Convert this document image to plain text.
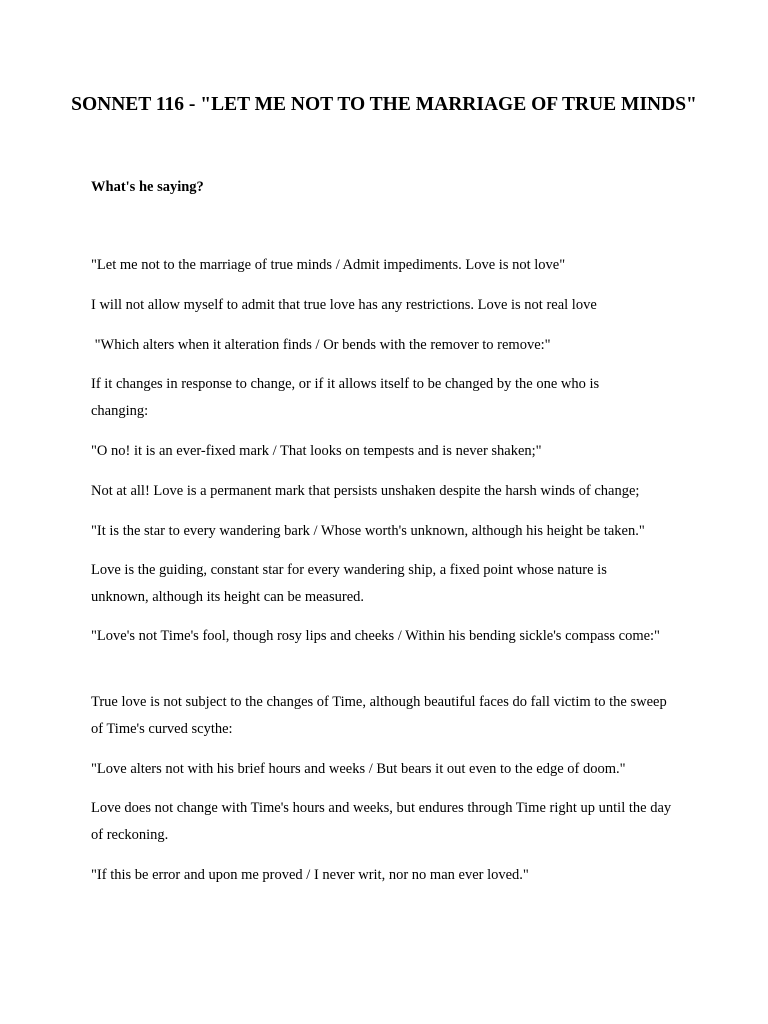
SONNET 116 - "LET ME NOT TO THE MARRIAGE OF TRUE MINDS"

What's he saying?

"Let me not to the marriage of true minds / Admit impediments. Love is not love"

I will not allow myself to admit that true love has any restrictions. Love is not real love

"Which alters when it alteration finds / Or bends with the remover to remove:"

If it changes in response to change, or if it allows itself to be changed by the one who is changing:

"O no! it is an ever-fixed mark / That looks on tempests and is never shaken;"

Not at all! Love is a permanent mark that persists unshaken despite the harsh winds of change;

"It is the star to every wandering bark / Whose worth's unknown, although his height be taken."

Love is the guiding, constant star for every wandering ship, a fixed point whose nature is unknown, although its height can be measured.

"Love's not Time's fool, though rosy lips and cheeks / Within his bending sickle's compass come:"

True love is not subject to the changes of Time, although beautiful faces do fall victim to the sweep of Time's curved scythe:

"Love alters not with his brief hours and weeks / But bears it out even to the edge of doom."

Love does not change with Time's hours and weeks, but endures through Time right up until the day of reckoning.

"If this be error and upon me proved / I never writ, nor no man ever loved."
